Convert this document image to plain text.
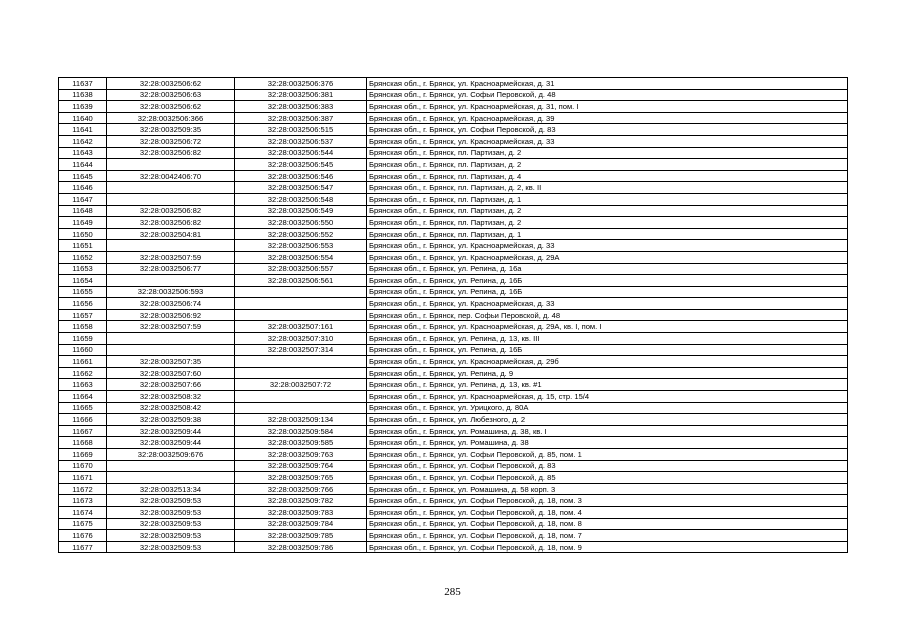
11637	32:28:0032506:62	32:28:0032506:376	Брянская обл., г. Брянск, ул. Красноармейская, д. 31
11638	32:28:0032506:63	32:28:0032506:381	Брянская обл., г. Брянск, ул. Софьи Перовской, д. 48
11639	32:28:0032506:62	32:28:0032506:383	Брянская обл., г. Брянск, ул. Красноармейская, д. 31, пом. I
11640	32:28:0032506:366	32:28:0032506:387	Брянская обл., г. Брянск, ул. Красноармейская, д. 39
11641	32:28:0032509:35	32:28:0032506:515	Брянская обл., г. Брянск, ул. Софьи Перовской, д. 83
11642	32:28:0032506:72	32:28:0032506:537	Брянская обл., г. Брянск, ул. Красноармейская, д. 33
11643	32:28:0032506:82	32:28:0032506:544	Брянская обл., г. Брянск, пл. Партизан, д. 2
11644		32:28:0032506:545	Брянская обл., г. Брянск, пл. Партизан, д. 2
11645	32:28:0042406:70	32:28:0032506:546	Брянская обл., г. Брянск, пл. Партизан, д. 4
11646		32:28:0032506:547	Брянская обл., г. Брянск, пл. Партизан, д. 2, кв. II
11647		32:28:0032506:548	Брянская обл., г. Брянск, пл. Партизан, д. 1
11648	32:28:0032506:82	32:28:0032506:549	Брянская обл., г. Брянск, пл. Партизан, д. 2
11649	32:28:0032506:82	32:28:0032506:550	Брянская обл., г. Брянск, пл. Партизан, д. 2
11650	32:28:0032504:81	32:28:0032506:552	Брянская обл., г. Брянск, пл. Партизан, д. 1
11651		32:28:0032506:553	Брянская обл., г. Брянск, ул. Красноармейская, д. 33
11652	32:28:0032507:59	32:28:0032506:554	Брянская обл., г. Брянск, ул. Красноармейская, д. 29А
11653	32:28:0032506:77	32:28:0032506:557	Брянская обл., г. Брянск, ул. Репина, д. 16а
11654		32:28:0032506:561	Брянская обл., г. Брянск, ул. Репина, д. 16Б
11655	32:28:0032506:593		Брянская обл., г. Брянск, ул. Репина, д. 16Б
11656	32:28:0032506:74		Брянская обл., г. Брянск, ул. Красноармейская, д. 33
11657	32:28:0032506:92		Брянская обл., г. Брянск, пер. Софьи Перовской, д. 48
11658	32:28:0032507:59	32:28:0032507:161	Брянская обл., г. Брянск, ул. Красноармейская, д. 29А, кв. I, пом. I
11659		32:28:0032507:310	Брянская обл., г. Брянск, ул. Репина, д. 13, кв. III
11660		32:28:0032507:314	Брянская обл., г. Брянск, ул. Репина, д. 16Б
11661	32:28:0032507:35		Брянская обл., г. Брянск, ул. Красноармейская, д. 29б
11662	32:28:0032507:60		Брянская обл., г. Брянск, ул. Репина, д. 9
11663	32:28:0032507:66	32:28:0032507:72	Брянская обл., г. Брянск, ул. Репина, д. 13, кв. #1
11664	32:28:0032508:32		Брянская обл., г. Брянск, ул. Красноармейская, д. 15, стр. 15/4
11665	32:28:0032508:42		Брянская обл., г. Брянск, ул. Урицкого, д. 80А
11666	32:28:0032509:38	32:28:0032509:134	Брянская обл., г. Брянск, ул. Любезного, д. 2
11667	32:28:0032509:44	32:28:0032509:584	Брянская обл., г. Брянск, ул. Ромашина, д. 38, кв. I
11668	32:28:0032509:44	32:28:0032509:585	Брянская обл., г. Брянск, ул. Ромашина, д. 38
11669	32:28:0032509:676	32:28:0032509:763	Брянская обл., г. Брянск, ул. Софьи Перовской, д. 85, пом. 1
11670		32:28:0032509:764	Брянская обл., г. Брянск, ул. Софьи Перовской, д. 83
11671		32:28:0032509:765	Брянская обл., г. Брянск, ул. Софьи Перовской, д. 85
11672	32:28:0032513:34	32:28:0032509:766	Брянская обл., г. Брянск, ул. Ромашина, д. 58 корп. 3
11673	32:28:0032509:53	32:28:0032509:782	Брянская обл., г. Брянск, ул. Софьи Перовской, д. 18, пом. 3
11674	32:28:0032509:53	32:28:0032509:783	Брянская обл., г. Брянск, ул. Софьи Перовской, д. 18, пом. 4
11675	32:28:0032509:53	32:28:0032509:784	Брянская обл., г. Брянск, ул. Софьи Перовской, д. 18, пом. 8
11676	32:28:0032509:53	32:28:0032509:785	Брянская обл., г. Брянск, ул. Софьи Перовской, д. 18, пом. 7
11677	32:28:0032509:53	32:28:0032509:786	Брянская обл., г. Брянск, ул. Софьи Перовской, д. 18, пом. 9
285
